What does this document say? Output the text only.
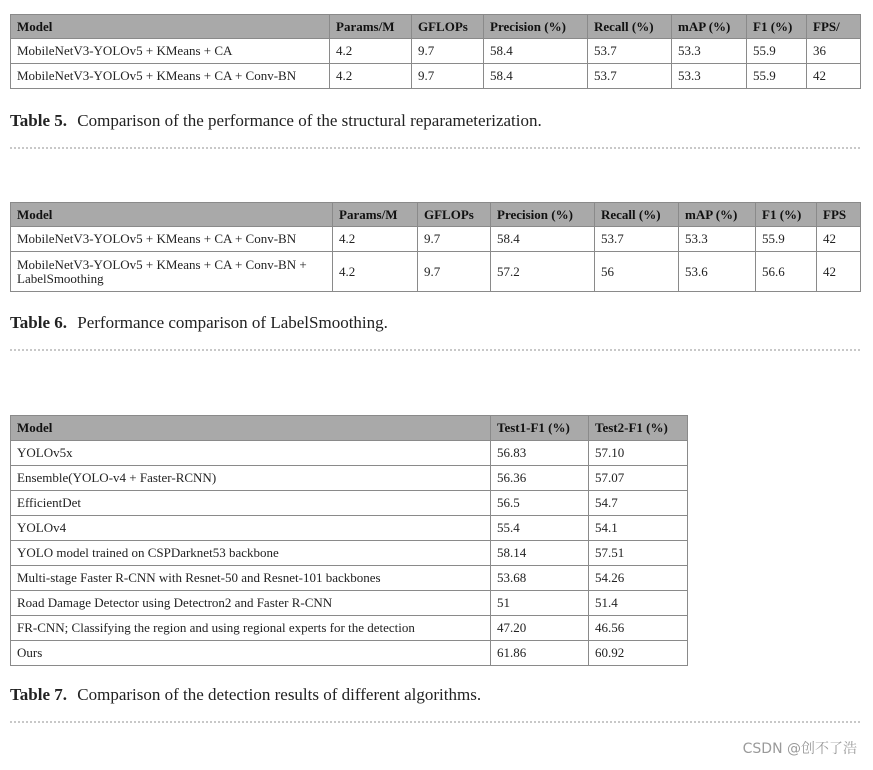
Model	Params/M	GFLOPs	Precision (%)	Recall (%)	mAP (%)	F1 (%)	FPS/
MobileNetV3-YOLOv5 + KMeans + CA	4.2	9.7	58.4	53.7	53.3	55.9	36
MobileNetV3-YOLOv5 + KMeans + CA + Conv-BN	4.2	9.7	58.4	53.7	53.3	55.9	42
Table 5. Comparison of the performance of the structural reparameterization.
Model	Params/M	GFLOPs	Precision (%)	Recall (%)	mAP (%)	F1 (%)	FPS
MobileNetV3-YOLOv5 + KMeans + CA + Conv-BN	4.2	9.7	58.4	53.7	53.3	55.9	42
MobileNetV3-YOLOv5 + KMeans + CA + Conv-BN + LabelSmoothing	4.2	9.7	57.2	56	53.6	56.6	42
Table 6. Performance comparison of LabelSmoothing.
Model	Test1-F1 (%)	Test2-F1 (%)
YOLOv5x	56.83	57.10
Ensemble(YOLO-v4 + Faster-RCNN)	56.36	57.07
EfficientDet	56.5	54.7
YOLOv4	55.4	54.1
YOLO model trained on CSPDarknet53 backbone	58.14	57.51
Multi-stage Faster R-CNN with Resnet-50 and Resnet-101 backbones	53.68	54.26
Road Damage Detector using Detectron2 and Faster R-CNN	51	51.4
FR-CNN; Classifying the region and using regional experts for the detection	47.20	46.56
Ours	61.86	60.92
Table 7. Comparison of the detection results of different algorithms.
CSDN @创不了浩
